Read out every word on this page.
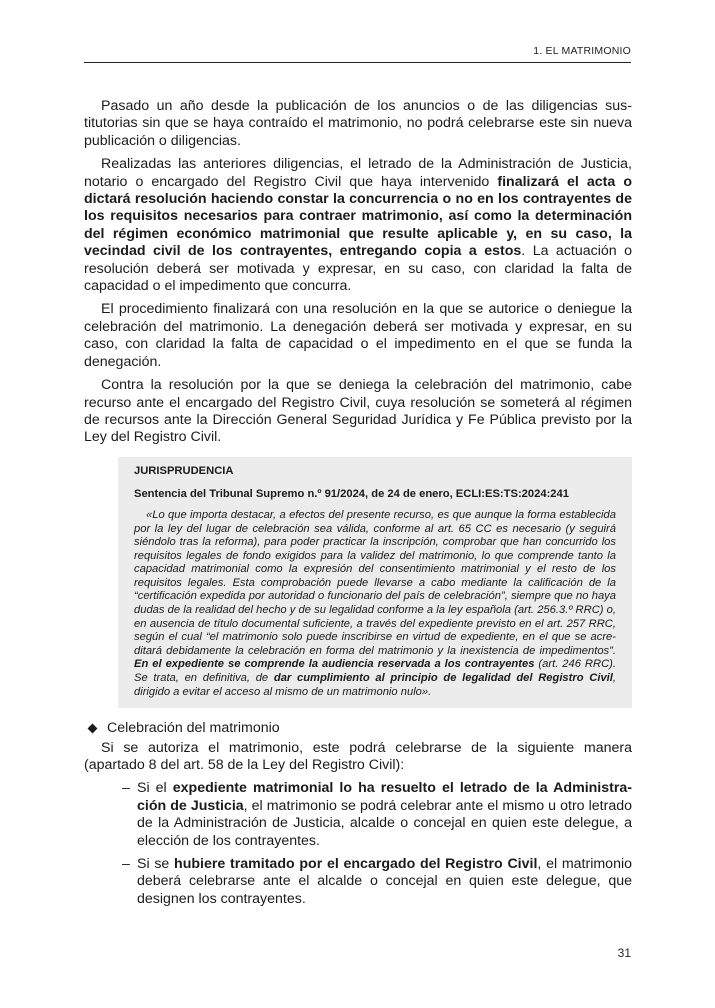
1. EL MATRIMONIO

Pasado un año desde la publicación de los anuncios o de las diligencias sustitutorias sin que se haya contraído el matrimonio, no podrá celebrarse este sin nueva publicación o diligencias.

Realizadas las anteriores diligencias, el letrado de la Administración de Justicia, notario o encargado del Registro Civil que haya intervenido finalizará el acta o dictará resolución haciendo constar la concurrencia o no en los contrayentes de los requisitos necesarios para contraer matrimonio, así como la determinación del régimen económico matrimonial que resulte aplicable y, en su caso, la vecindad civil de los contrayentes, entregando copia a estos. La actuación o resolución deberá ser motivada y expresar, en su caso, con claridad la falta de capacidad o el impedimento que concurra.

El procedimiento finalizará con una resolución en la que se autorice o deniegue la celebración del matrimonio. La denegación deberá ser motivada y expresar, en su caso, con claridad la falta de capacidad o el impedimento en el que se funda la denegación.

Contra la resolución por la que se deniega la celebración del matrimonio, cabe recurso ante el encargado del Registro Civil, cuya resolución se someterá al régimen de recursos ante la Dirección General Seguridad Jurídica y Fe Pública previsto por la Ley del Registro Civil.

JURISPRUDENCIA
Sentencia del Tribunal Supremo n.º 91/2024, de 24 de enero, ECLI:ES:TS:2024:241

«Lo que importa destacar, a efectos del presente recurso, es que aunque la forma establecida por la ley del lugar de celebración sea válida, conforme al art. 65 CC es necesario (y seguirá siéndolo tras la reforma), para poder practicar la inscripción, comprobar que han concurrido los requisitos legales de fondo exigidos para la validez del matrimonio, lo que comprende tanto la capacidad matrimonial como la expresión del consentimiento matrimonial y el resto de los requisitos legales. Esta comprobación puede llevarse a cabo mediante la calificación de la “certificación expedida por autoridad o funcionario del país de celebración”, siempre que no haya dudas de la realidad del hecho y de su legalidad conforme a la ley española (art. 256.3.º RRC) o, en ausencia de título documental suficiente, a través del expediente previsto en el art. 257 RRC, según el cual “el matrimonio solo puede inscribirse en virtud de expediente, en el que se acreditará debidamente la celebración en forma del matrimonio y la inexistencia de impedimentos”. En el expediente se comprende la audiencia reservada a los contrayentes (art. 246 RRC). Se trata, en definitiva, de dar cumplimiento al principio de legalidad del Registro Civil, dirigido a evitar el acceso al mismo de un matrimonio nulo».

Celebración del matrimonio

Si se autoriza el matrimonio, este podrá celebrarse de la siguiente manera (apartado 8 del art. 58 de la Ley del Registro Civil):

– Si el expediente matrimonial lo ha resuelto el letrado de la Administración de Justicia, el matrimonio se podrá celebrar ante el mismo u otro letrado de la Administración de Justicia, alcalde o concejal en quien este delegue, a elección de los contrayentes.
– Si se hubiere tramitado por el encargado del Registro Civil, el matrimonio deberá celebrarse ante el alcalde o concejal en quien este delegue, que designen los contrayentes.
31
